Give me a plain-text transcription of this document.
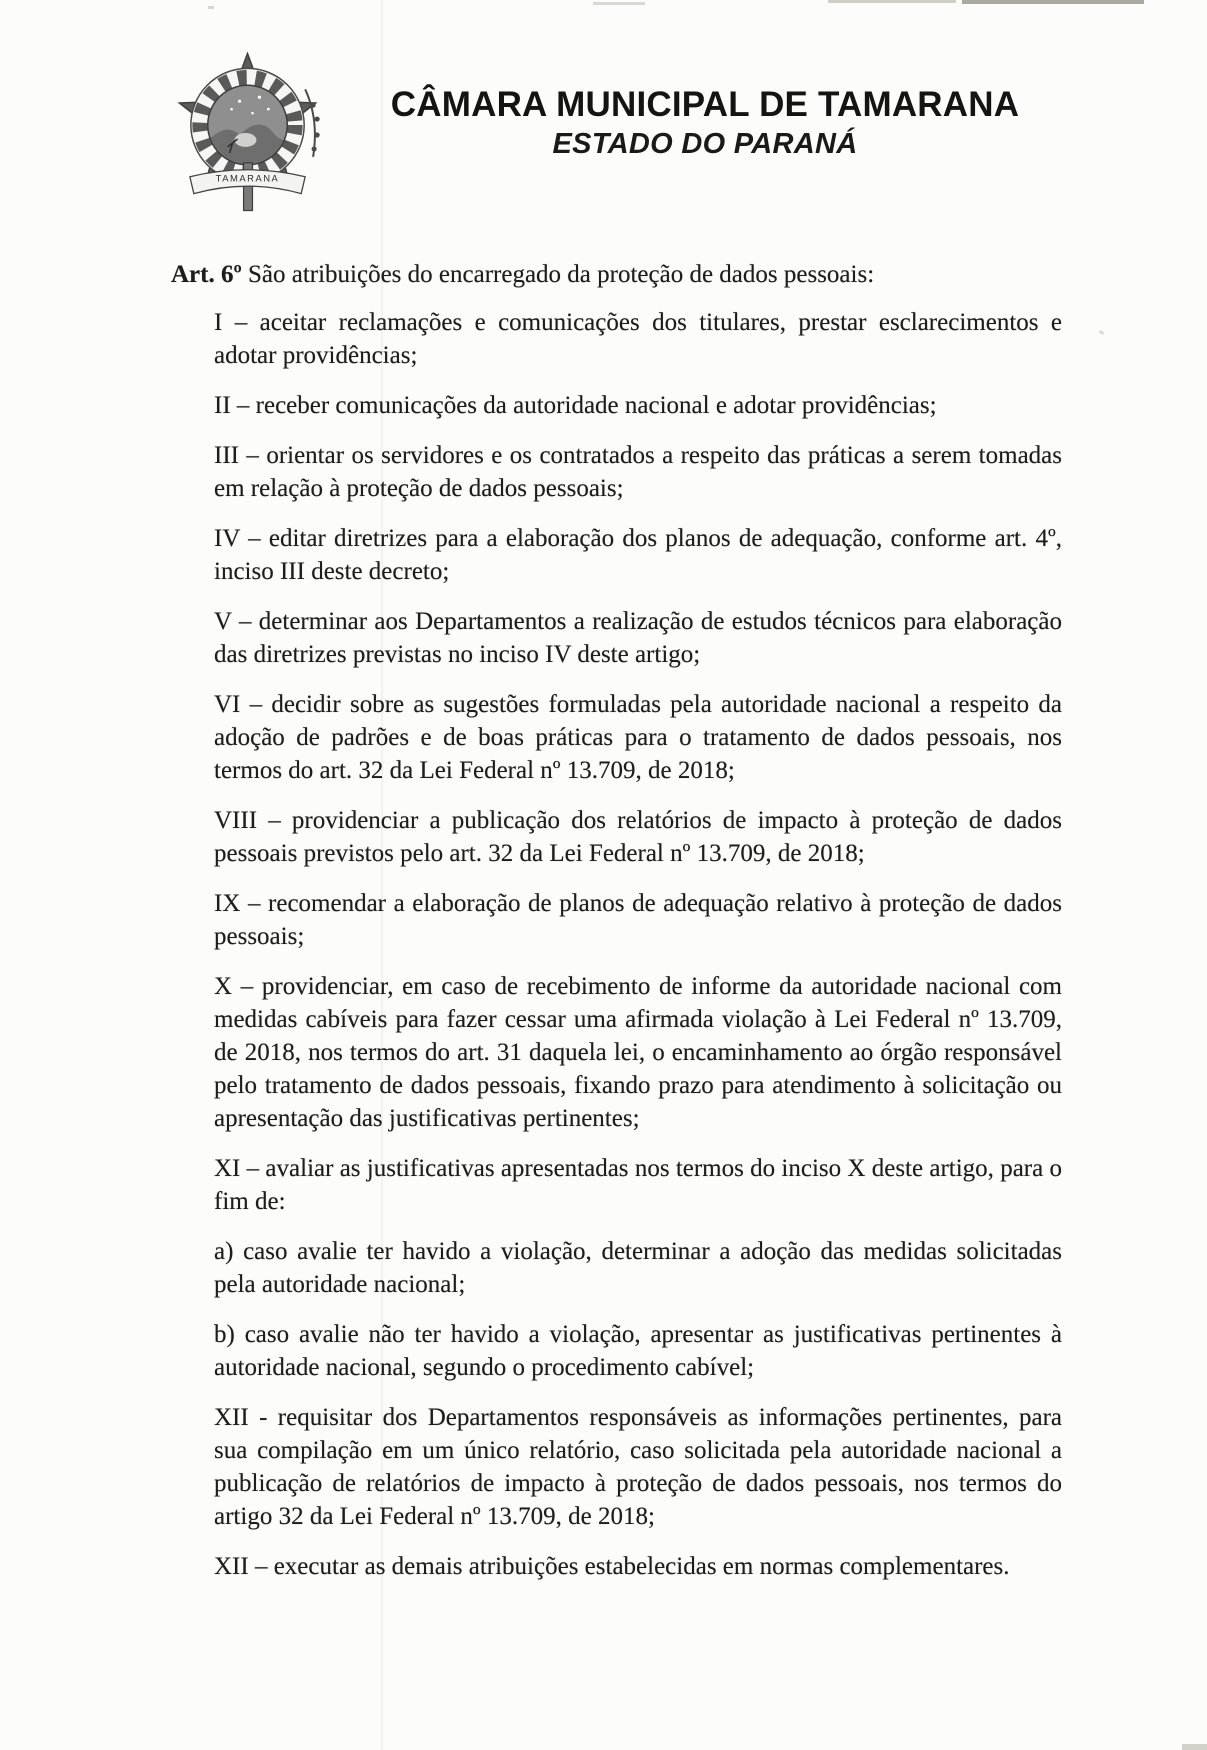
TAMARANA
CÂMARA MUNICIPAL DE TAMARANA
ESTADO DO PARANÁ

Art. 6º São atribuições do encarregado da proteção de dados pessoais:

I – aceitar reclamações e comunicações dos titulares, prestar esclarecimentos e adotar providências;

II – receber comunicações da autoridade nacional e adotar providências;

III – orientar os servidores e os contratados a respeito das práticas a serem tomadas em relação à proteção de dados pessoais;

IV – editar diretrizes para a elaboração dos planos de adequação, conforme art. 4º, inciso III deste decreto;

V – determinar aos Departamentos a realização de estudos técnicos para elaboração das diretrizes previstas no inciso IV deste artigo;

VI – decidir sobre as sugestões formuladas pela autoridade nacional a respeito da adoção de padrões e de boas práticas para o tratamento de dados pessoais, nos termos do art. 32 da Lei Federal nº 13.709, de 2018;

VIII – providenciar a publicação dos relatórios de impacto à proteção de dados pessoais previstos pelo art. 32 da Lei Federal nº 13.709, de 2018;

IX – recomendar a elaboração de planos de adequação relativo à proteção de dados pessoais;

X – providenciar, em caso de recebimento de informe da autoridade nacional com medidas cabíveis para fazer cessar uma afirmada violação à Lei Federal nº 13.709, de 2018, nos termos do art. 31 daquela lei, o encaminhamento ao órgão responsável pelo tratamento de dados pessoais, fixando prazo para atendimento à solicitação ou apresentação das justificativas pertinentes;

XI – avaliar as justificativas apresentadas nos termos do inciso X deste artigo, para o fim de:

a) caso avalie ter havido a violação, determinar a adoção das medidas solicitadas pela autoridade nacional;

b) caso avalie não ter havido a violação, apresentar as justificativas pertinentes à autoridade nacional, segundo o procedimento cabível;

XII - requisitar dos Departamentos responsáveis as informações pertinentes, para sua compilação em um único relatório, caso solicitada pela autoridade nacional a publicação de relatórios de impacto à proteção de dados pessoais, nos termos do artigo 32 da Lei Federal nº 13.709, de 2018;

XII – executar as demais atribuições estabelecidas em normas complementares.
